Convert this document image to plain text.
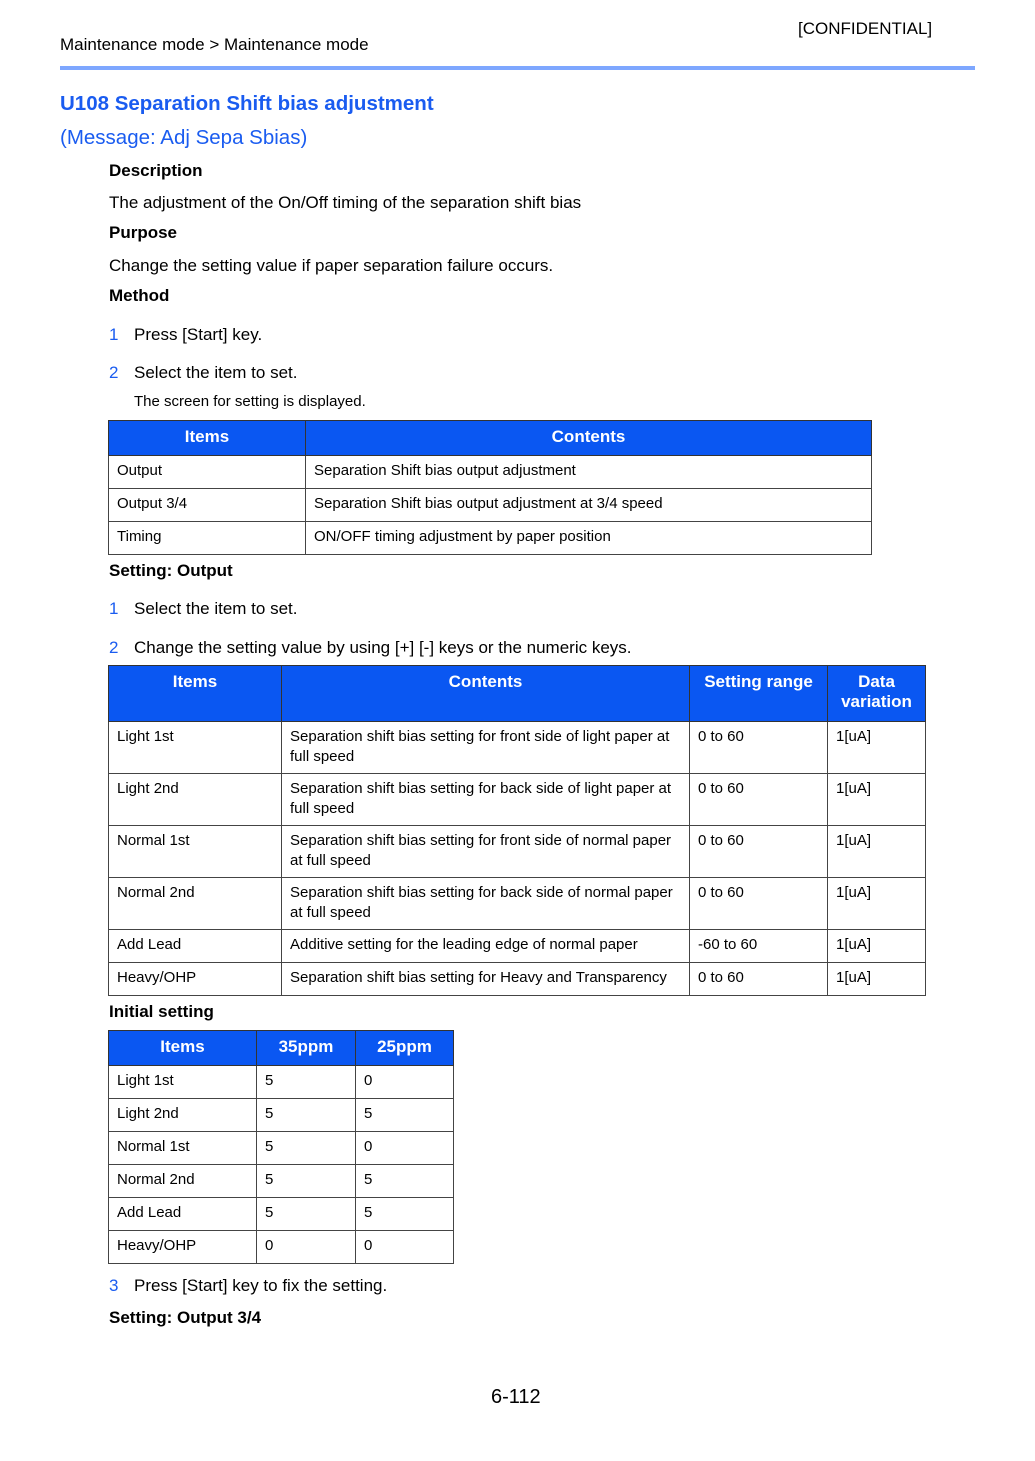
[CONFIDENTIAL]
Maintenance mode > Maintenance mode
U108 Separation Shift bias adjustment
(Message: Adj Sepa Sbias)
Description
The adjustment of the On/Off timing of the separation shift bias
Purpose
Change the setting value if paper separation failure occurs.
Method
1 Press [Start] key.
2 Select the item to set.
The screen for setting is displayed.
Items	Contents
Output	Separation Shift bias output adjustment
Output 3/4	Separation Shift bias output adjustment at 3/4 speed
Timing	ON/OFF timing adjustment by paper position
Setting: Output
1 Select the item to set.
2 Change the setting value by using [+] [-] keys or the numeric keys.
Items	Contents	Setting range	Data variation
Light 1st	Separation shift bias setting for front side of light paper at full speed	0 to 60	1[uA]
Light 2nd	Separation shift bias setting for back side of light paper at full speed	0 to 60	1[uA]
Normal 1st	Separation shift bias setting for front side of normal paper at full speed	0 to 60	1[uA]
Normal 2nd	Separation shift bias setting for back side of normal paper at full speed	0 to 60	1[uA]
Add Lead	Additive setting for the leading edge of normal paper	-60 to 60	1[uA]
Heavy/OHP	Separation shift bias setting for Heavy and Transparency	0 to 60	1[uA]
Initial setting
Items	35ppm	25ppm
Light 1st	5	0
Light 2nd	5	5
Normal 1st	5	0
Normal 2nd	5	5
Add Lead	5	5
Heavy/OHP	0	0
3 Press [Start] key to fix the setting.
Setting: Output 3/4
6-112
